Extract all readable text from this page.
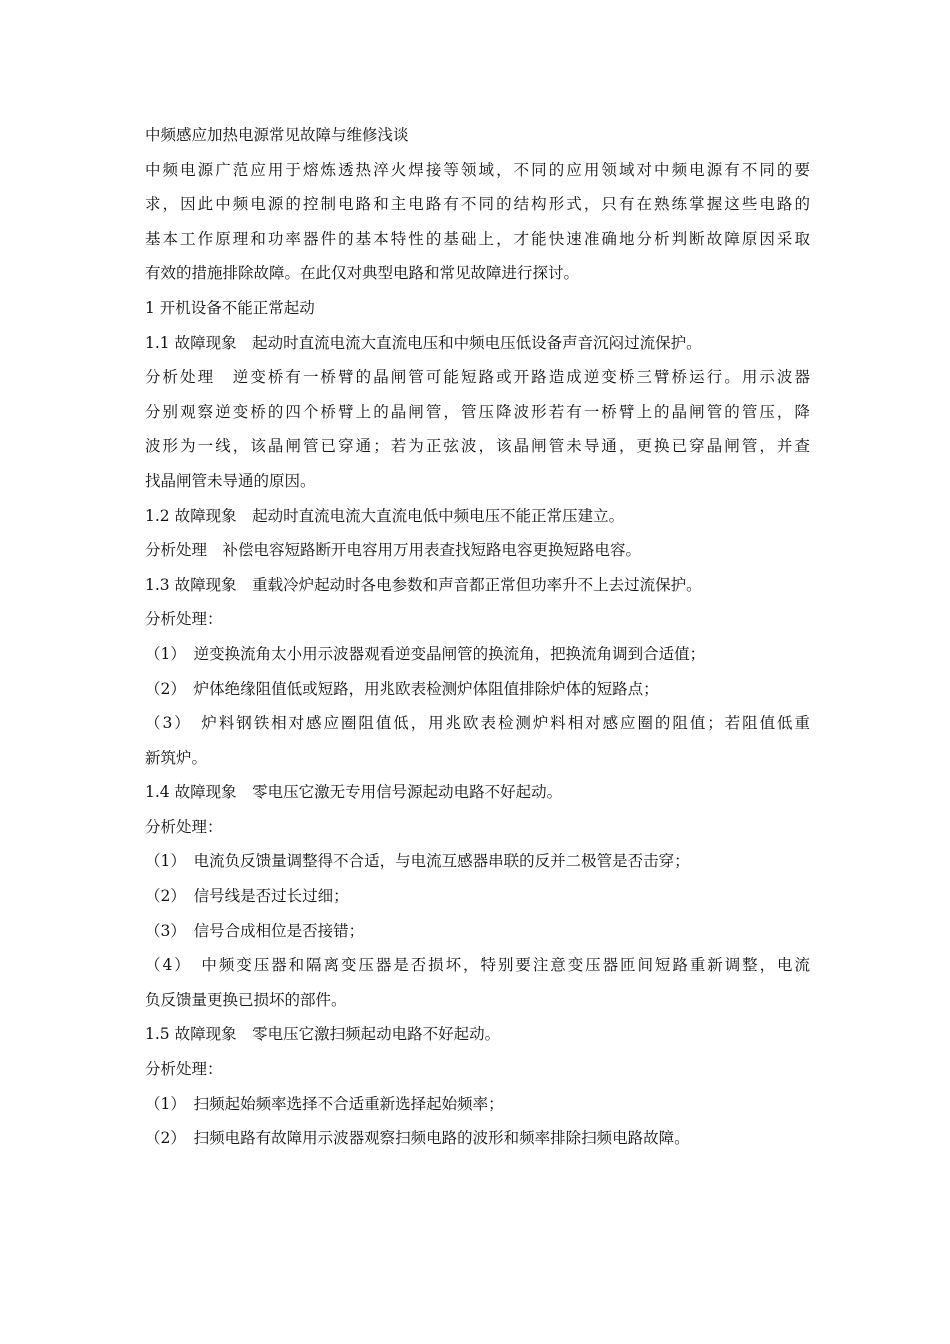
中频感应加热电源常见故障与维修浅谈
中频电源广范应用于熔炼透热淬火焊接等领域，不同的应用领域对中频电源有不同的要
求，因此中频电源的控制电路和主电路有不同的结构形式，只有在熟练掌握这些电路的
基本工作原理和功率器件的基本特性的基础上，才能快速准确地分析判断故障原因采取
有效的措施排除故障。在此仅对典型电路和常见故障进行探讨。
1 开机设备不能正常起动
1.1 故障现象　起动时直流电流大直流电压和中频电压低设备声音沉闷过流保护。
分析处理　逆变桥有一桥臂的晶闸管可能短路或开路造成逆变桥三臂桥运行。用示波器
分别观察逆变桥的四个桥臂上的晶闸管，管压降波形若有一桥臂上的晶闸管的管压，降
波形为一线，该晶闸管已穿通；若为正弦波，该晶闸管未导通，更换已穿晶闸管，并查
找晶闸管未导通的原因。
1.2 故障现象　起动时直流电流大直流电低中频电压不能正常压建立。
分析处理　补偿电容短路断开电容用万用表查找短路电容更换短路电容。
1.3 故障现象　重载冷炉起动时各电参数和声音都正常但功率升不上去过流保护。
分析处理：
（1）　逆变换流角太小用示波器观看逆变晶闸管的换流角，把换流角调到合适值；
（2）　炉体绝缘阻值低或短路，用兆欧表检测炉体阻值排除炉体的短路点；
（3）　炉料钢铁相对感应圈阻值低，用兆欧表检测炉料相对感应圈的阻值；若阻值低重
新筑炉。
1.4 故障现象　零电压它激无专用信号源起动电路不好起动。
分析处理：
（1）　电流负反馈量调整得不合适，与电流互感器串联的反并二极管是否击穿；
（2）　信号线是否过长过细；
（3）　信号合成相位是否接错；
（4）　中频变压器和隔离变压器是否损坏，特别要注意变压器匝间短路重新调整，电流
负反馈量更换已损坏的部件。
1.5 故障现象　零电压它激扫频起动电路不好起动。
分析处理：
（1）　扫频起始频率选择不合适重新选择起始频率；
（2）　扫频电路有故障用示波器观察扫频电路的波形和频率排除扫频电路故障。
